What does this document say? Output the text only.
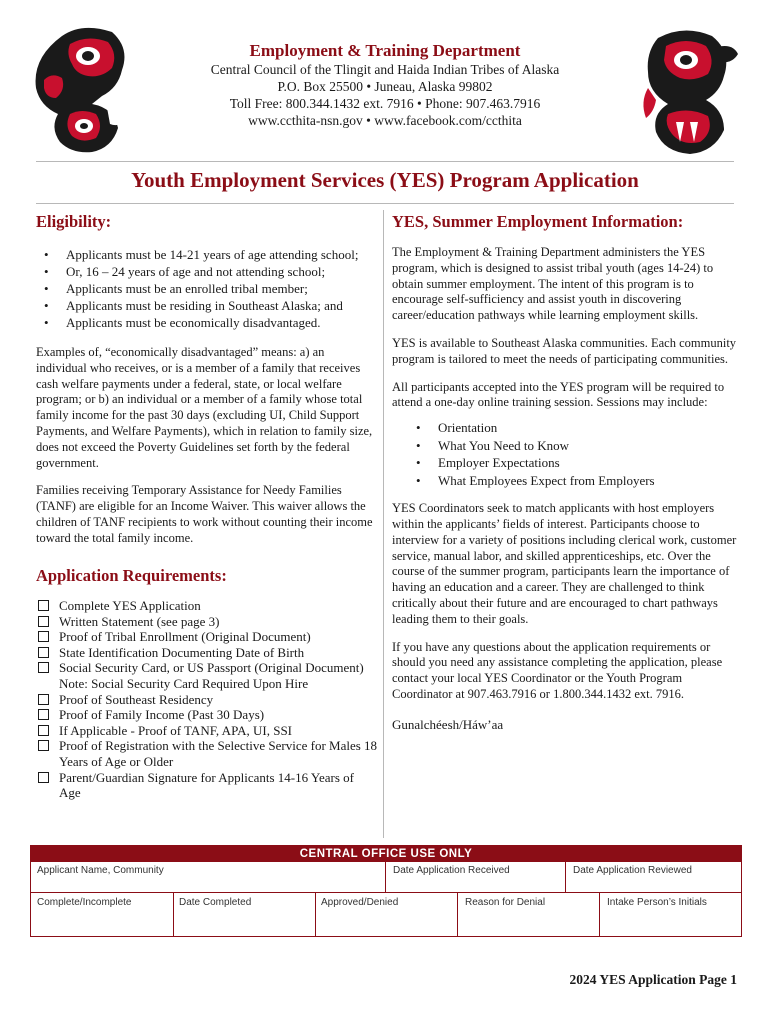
Employment & Training Department
Central Council of the Tlingit and Haida Indian Tribes of Alaska
P.O. Box 25500 • Juneau, Alaska 99802
Toll Free: 800.344.1432 ext. 7916 • Phone: 907.463.7916
www.ccthita-nsn.gov • www.facebook.com/ccthita
Youth Employment Services (YES) Program Application
Eligibility:
• Applicants must be 14-21 years of age attending school;
• Or, 16 – 24 years of age and not attending school;
• Applicants must be an enrolled tribal member;
• Applicants must be residing in Southeast Alaska; and
• Applicants must be economically disadvantaged.

Examples of, “economically disadvantaged” means: a) an individual who receives, or is a member of a family that receives cash welfare payments under a federal, state, or local welfare program; or b) an individual or a member of a family whose total family income for the past 30 days (excluding UI, Child Support Payments, and Welfare Payments), which in relation to family size, does not exceed the Poverty Guidelines set forth by the federal government.

Families receiving Temporary Assistance for Needy Families (TANF) are eligible for an Income Waiver. This waiver allows the children of TANF recipients to work without counting their income toward the total family income.

Application Requirements:
Complete YES Application
Written Statement (see page 3)
Proof of Tribal Enrollment (Original Document)
State Identification Documenting Date of Birth
Social Security Card, or US Passport (Original Document) Note: Social Security Card Required Upon Hire
Proof of Southeast Residency
Proof of Family Income (Past 30 Days)
If Applicable - Proof of TANF, APA, UI, SSI
Proof of Registration with the Selective Service for Males 18 Years of Age or Older
Parent/Guardian Signature for Applicants 14-16 Years of Age
YES, Summer Employment Information:

The Employment & Training Department administers the YES program, which is designed to assist tribal youth (ages 14-24) to obtain summer employment. The intent of this program is to encourage self-sufficiency and assist youth in discovering career/education pathways while learning employment skills.

YES is available to Southeast Alaska communities. Each community program is tailored to meet the needs of participating communities.

All participants accepted into the YES program will be required to attend a one-day online training session. Sessions may include:

• Orientation
• What You Need to Know
• Employer Expectations
• What Employees Expect from Employers

YES Coordinators seek to match applicants with host employers within the applicants’ fields of interest. Participants choose to interview for a variety of positions including clerical work, customer service, manual labor, and skilled apprenticeships, etc. Over the course of the summer program, participants learn the importance of having an education and a career. They are challenged to think critically about their future and are encouraged to chart pathways leading them to their goals.

If you have any questions about the application requirements or should you need any assistance completing the application, please contact your local YES Coordinator or the Youth Program Coordinator at 907.463.7916 or 1.800.344.1432 ext. 7916.

Gunalchéesh/Háw’aa

CENTRAL OFFICE USE ONLY
Applicant Name, Community	Date Application Received	Date Application Reviewed
Complete/Incomplete	Date Completed	Approved/Denied	Reason for Denial	Intake Person’s Initials
2024 YES Application Page 1
